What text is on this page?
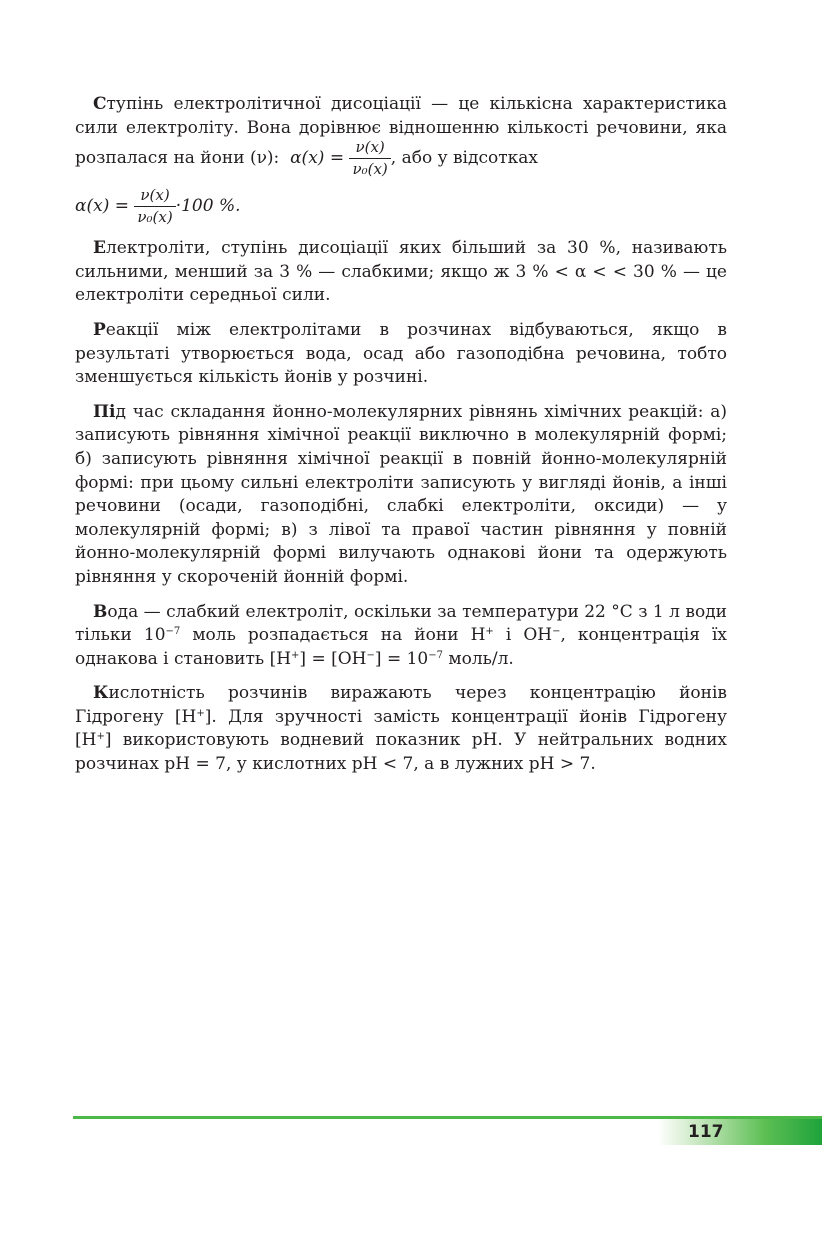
Ступінь електролітичної дисоціації — це кількісна характеристика сили електроліту. Вона дорівнює відношенню кількості речовини, яка розпалася на йони (ν): $\alpha(x) = \frac{\nu(x)}{\text{ν₀(x)}}$ , або у відсотках

$\alpha(x) = \frac{\nu(x)}{\text{ν₀(x)}} \cdot 100$ %.

Електроліти, ступінь дисоціації яких більший за 30 %, називають сильними, менший за 3 % — слабкими; якщо ж 3 % < α < < 30 % — це електроліти середньої сили.

Реакції між електролітами в розчинах відбуваються, якщо в результаті утворюється вода, осад або газоподібна речовина, тобто зменшується кількість йонів у розчині.

Під час складання йонно-молекулярних рівнянь хімічних реакцій: а) записують рівняння хімічної реакції виключно в молекулярній формі; б) записують рівняння хімічної реакції в повній йонно-молекулярній формі: при цьому сильні електроліти записують у вигляді йонів, а інші речовини (осади, газоподібні, слабкі електроліти, оксиди) — у молекулярній формі; в) з лівої та правої частин рівняння у повній йонно-молекулярній формі вилучають однакові йони та одержують рівняння у скороченій йонній формі.

Вода — слабкий електроліт, оскільки за температури 22 °С з 1 л води тільки $10^{-7}$ моль розпадається на йони Н+ і ОН−, концентрація їх однакова і становить $[Н^+] = [ОН^-] = 10^{-7}$ моль/л.

Кислотність розчинів виражають через концентрацію йонів Гідрогену [Н+]. Для зручності замість концентрації йонів Гідрогену [Н+] використовують водневий показник рН. У нейтральних водних розчинах рН = 7, у кислотних рН < 7, а в лужних рН > 7.

117
